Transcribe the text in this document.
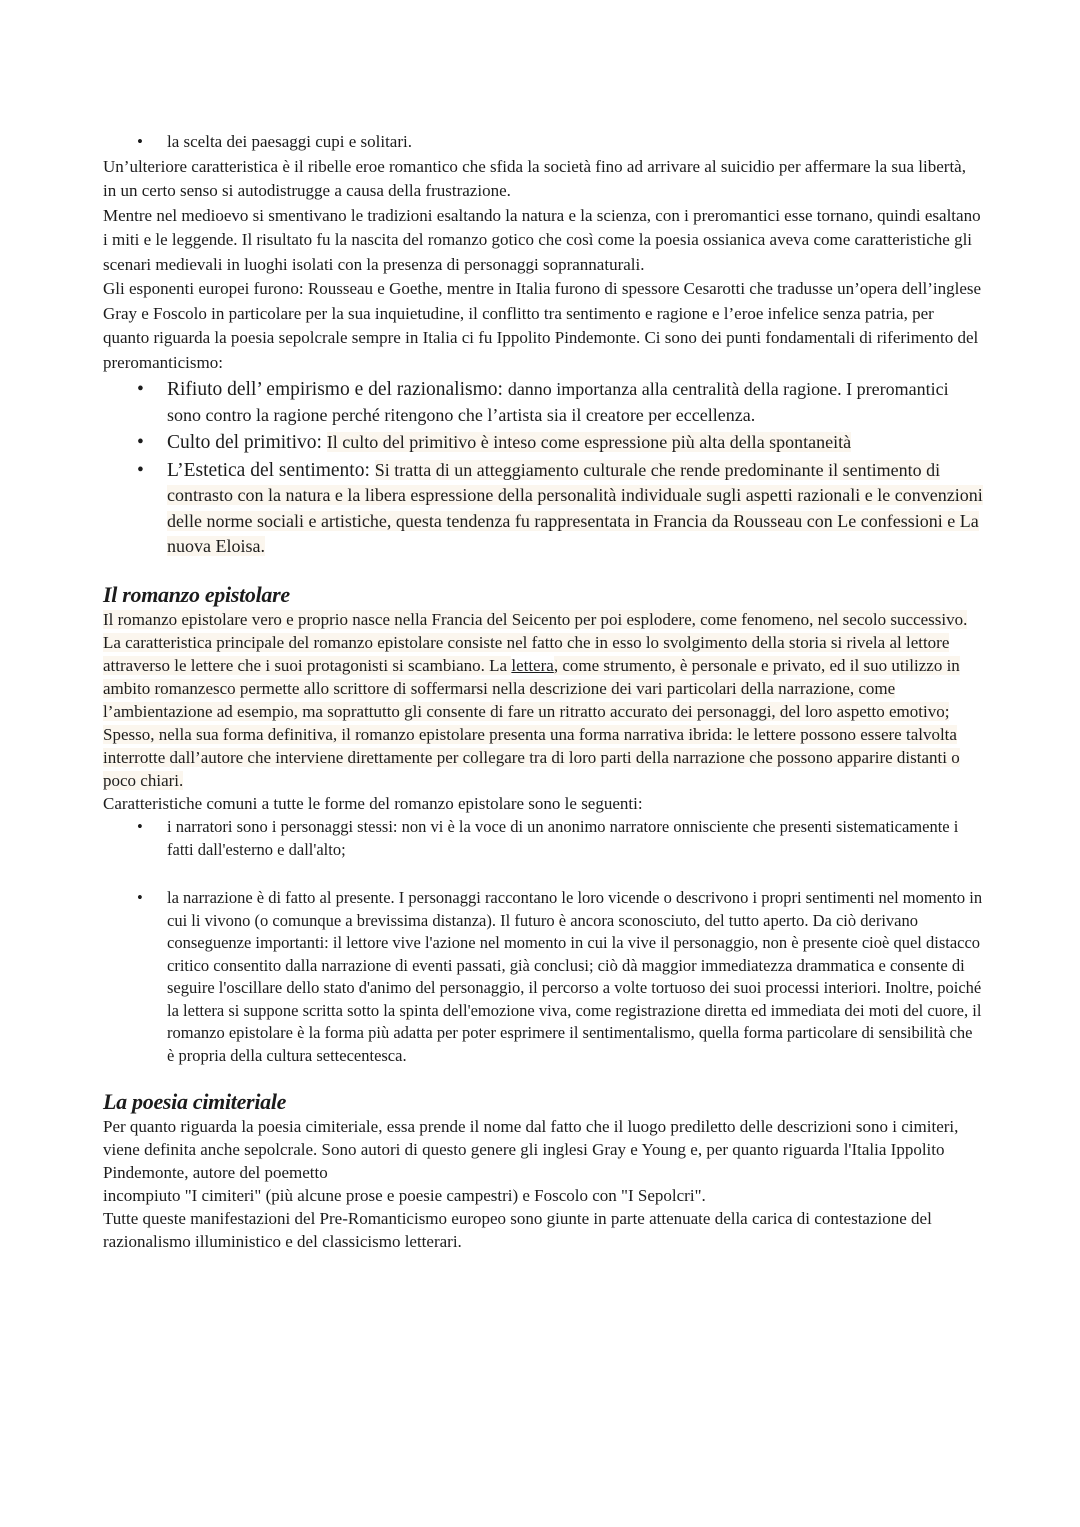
• la scelta dei paesaggi cupi e solitari.

Un’ulteriore caratteristica è il ribelle eroe romantico che sfida la società fino ad arrivare al suicidio per affermare la sua libertà, in un certo senso si autodistrugge a causa della frustrazione.

Mentre nel medioevo si smentivano le tradizioni esaltando la natura e la scienza, con i preromantici esse tornano, quindi esaltano i miti e le leggende. Il risultato fu la nascita del romanzo gotico che così come la poesia ossianica aveva come caratteristiche gli scenari medievali in luoghi isolati con la presenza di personaggi soprannaturali.

Gli esponenti europei furono: Rousseau e Goethe, mentre in Italia furono di spessore Cesarotti che tradusse un’opera dell’inglese Gray e Foscolo in particolare per la sua inquietudine, il conflitto tra sentimento e ragione e l’eroe infelice senza patria, per quanto riguarda la poesia sepolcrale sempre in Italia ci fu Ippolito Pindemonte. Ci sono dei punti fondamentali di riferimento del preromanticismo:

• Rifiuto dell’ empirismo e del razionalismo: danno importanza alla centralità della ragione. I preromantici sono contro la ragione perché ritengono che l’artista sia il creatore per eccellenza.
• Culto del primitivo: Il culto del primitivo è inteso come espressione più alta della spontaneità
• L’Estetica del sentimento: Si tratta di un atteggiamento culturale che rende predominante il sentimento di contrasto con la natura e la libera espressione della personalità individuale sugli aspetti razionali e le convenzioni delle norme sociali e artistiche, questa tendenza fu rappresentata in Francia da Rousseau con Le confessioni e La nuova Eloisa.
Il romanzo epistolare

Il romanzo epistolare vero e proprio nasce nella Francia del Seicento per poi esplodere, come fenomeno, nel secolo successivo. La caratteristica principale del romanzo epistolare consiste nel fatto che in esso lo svolgimento della storia si rivela al lettore attraverso le lettere che i suoi protagonisti si scambiano. La lettera, come strumento, è personale e privato, ed il suo utilizzo in ambito romanzesco permette allo scrittore di soffermarsi nella descrizione dei vari particolari della narrazione, come l’ambientazione ad esempio, ma soprattutto gli consente di fare un ritratto accurato dei personaggi, del loro aspetto emotivo; Spesso, nella sua forma definitiva, il romanzo epistolare presenta una forma narrativa ibrida: le lettere possono essere talvolta interrotte dall’autore che interviene direttamente per collegare tra di loro parti della narrazione che possono apparire distanti o poco chiari.

Caratteristiche comuni a tutte le forme del romanzo epistolare sono le seguenti:

• i narratori sono i personaggi stessi: non vi è la voce di un anonimo narratore onnisciente che presenti sistematicamente i fatti dall'esterno e dall'alto;
• la narrazione è di fatto al presente. I personaggi raccontano le loro vicende o descrivono i propri sentimenti nel momento in cui li vivono (o comunque a brevissima distanza). Il futuro è ancora sconosciuto, del tutto aperto. Da ciò derivano conseguenze importanti: il lettore vive l'azione nel momento in cui la vive il personaggio, non è presente cioè quel distacco critico consentito dalla narrazione di eventi passati, già conclusi; ciò dà maggior immediatezza drammatica e consente di seguire l'oscillare dello stato d'animo del personaggio, il percorso a volte tortuoso dei suoi processi interiori. Inoltre, poiché la lettera si suppone scritta sotto la spinta dell'emozione viva, come registrazione diretta ed immediata dei moti del cuore, il romanzo epistolare è la forma più adatta per poter esprimere il sentimentalismo, quella forma particolare di sensibilità che è propria della cultura settecentesca.
La poesia cimiteriale

Per quanto riguarda la poesia cimiteriale, essa prende il nome dal fatto che il luogo prediletto delle descrizioni sono i cimiteri, viene definita anche sepolcrale. Sono autori di questo genere gli inglesi Gray e Young e, per quanto riguarda l'Italia Ippolito Pindemonte, autore del poemetto

incompiuto "I cimiteri" (più alcune prose e poesie campestri) e Foscolo con "I Sepolcri".

Tutte queste manifestazioni del Pre-Romanticismo europeo sono giunte in parte attenuate della carica di contestazione del razionalismo illuministico e del classicismo letterari.
